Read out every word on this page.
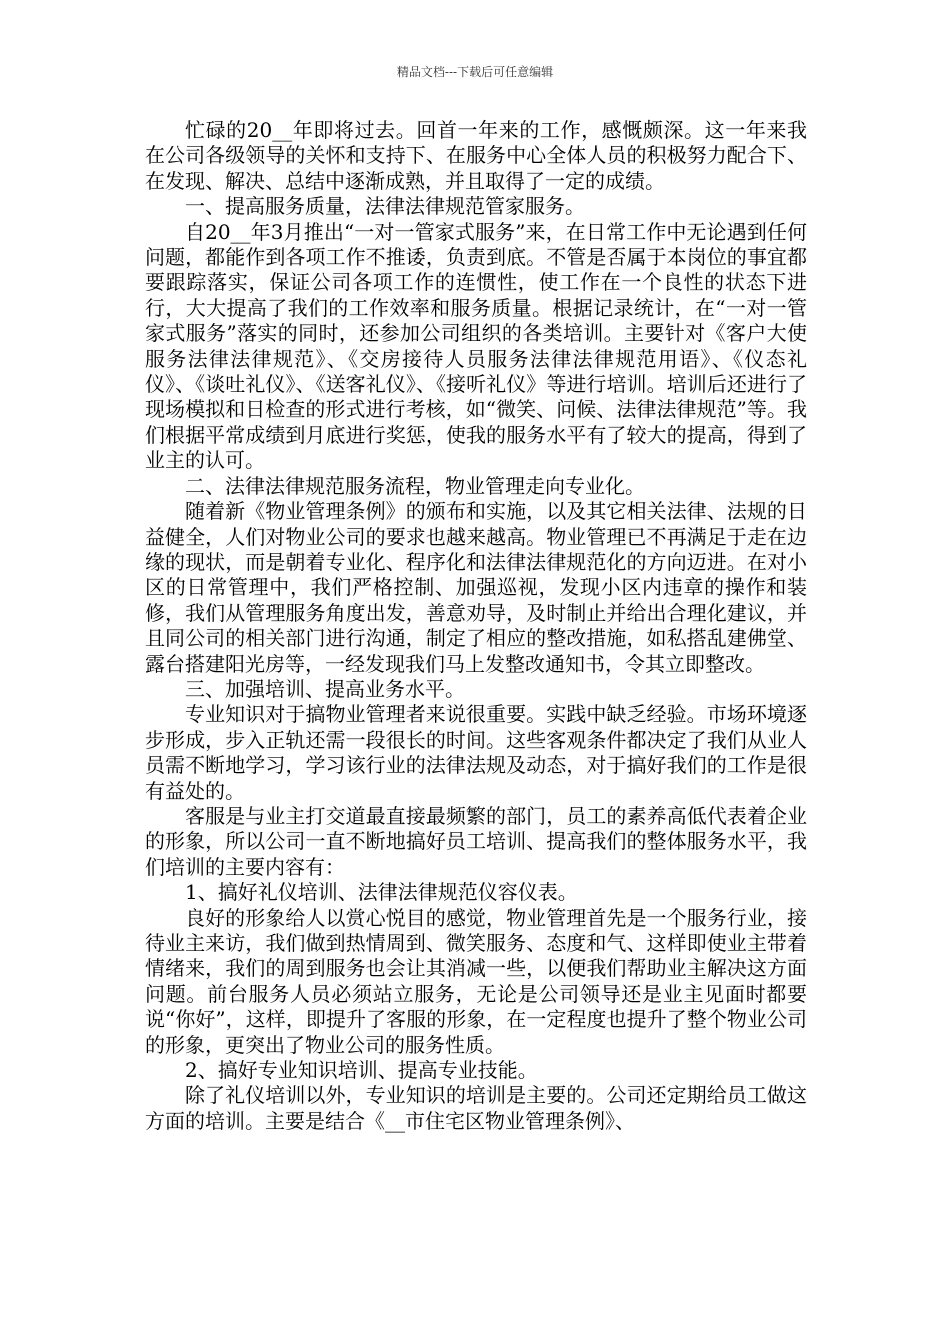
精品文档---下载后可任意编辑

忙碌的20__年即将过去。回首一年来的工作，感慨颇深。这一年来我在公司各级领导的关怀和支持下、在服务中心全体人员的积极努力配合下、在发现、解决、总结中逐渐成熟，并且取得了一定的成绩。

一、提高服务质量，法律法律规范管家服务。

自20__年3月推出“一对一管家式服务”来，在日常工作中无论遇到任何问题，都能作到各项工作不推诿，负责到底。不管是否属于本岗位的事宜都要跟踪落实，保证公司各项工作的连惯性，使工作在一个良性的状态下进行，大大提高了我们的工作效率和服务质量。根据记录统计，在“一对一管家式服务”落实的同时，还参加公司组织的各类培训。主要针对《客户大使服务法律法律规范》、《交房接待人员服务法律法律规范用语》、《仪态礼仪》、《谈吐礼仪》、《送客礼仪》、《接听礼仪》等进行培训。培训后还进行了现场模拟和日检查的形式进行考核，如“微笑、问候、法律法律规范”等。我们根据平常成绩到月底进行奖惩，使我的服务水平有了较大的提高，得到了业主的认可。

二、法律法律规范服务流程，物业管理走向专业化。

随着新《物业管理条例》的颁布和实施，以及其它相关法律、法规的日益健全，人们对物业公司的要求也越来越高。物业管理已不再满足于走在边缘的现状，而是朝着专业化、程序化和法律法律规范化的方向迈进。在对小区的日常管理中，我们严格控制、加强巡视，发现小区内违章的操作和装修，我们从管理服务角度出发，善意劝导，及时制止并给出合理化建议，并且同公司的相关部门进行沟通，制定了相应的整改措施，如私搭乱建佛堂、露台搭建阳光房等，一经发现我们马上发整改通知书，令其立即整改。

三、加强培训、提高业务水平。

专业知识对于搞物业管理者来说很重要。实践中缺乏经验。市场环境逐步形成，步入正轨还需一段很长的时间。这些客观条件都决定了我们从业人员需不断地学习，学习该行业的法律法规及动态，对于搞好我们的工作是很有益处的。

客服是与业主打交道最直接最频繁的部门，员工的素养高低代表着企业的形象，所以公司一直不断地搞好员工培训、提高我们的整体服务水平，我们培训的主要内容有：

1、搞好礼仪培训、法律法律规范仪容仪表。

良好的形象给人以赏心悦目的感觉，物业管理首先是一个服务行业，接待业主来访，我们做到热情周到、微笑服务、态度和气、这样即使业主带着情绪来，我们的周到服务也会让其消减一些，以便我们帮助业主解决这方面问题。前台服务人员必须站立服务，无论是公司领导还是业主见面时都要说“你好”，这样，即提升了客服的形象，在一定程度也提升了整个物业公司的形象，更突出了物业公司的服务性质。

2、搞好专业知识培训、提高专业技能。

除了礼仪培训以外，专业知识的培训是主要的。公司还定期给员工做这方面的培训。主要是结合《__市住宅区物业管理条例》、
